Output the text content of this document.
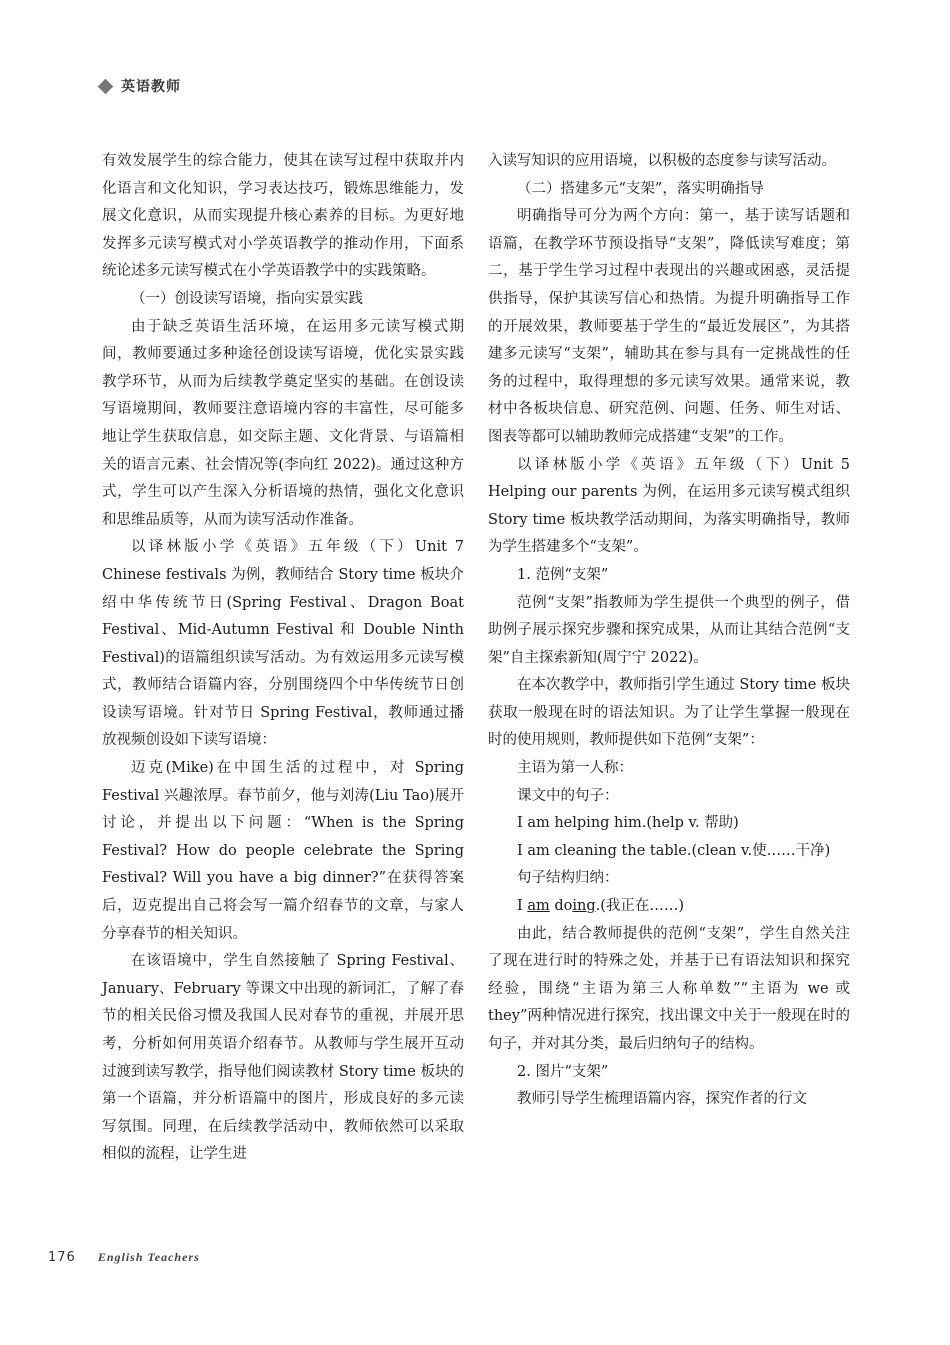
英语教师

有效发展学生的综合能力，使其在读写过程中获取并内化语言和文化知识，学习表达技巧，锻炼思维能力，发展文化意识，从而实现提升核心素养的目标。为更好地发挥多元读写模式对小学英语教学的推动作用，下面系统论述多元读写模式在小学英语教学中的实践策略。

（一）创设读写语境，指向实景实践

由于缺乏英语生活环境，在运用多元读写模式期间，教师要通过多种途径创设读写语境，优化实景实践教学环节，从而为后续教学奠定坚实的基础。在创设读写语境期间，教师要注意语境内容的丰富性，尽可能多地让学生获取信息，如交际主题、文化背景、与语篇相关的语言元素、社会情况等(李向红 2022)。通过这种方式，学生可以产生深入分析语境的热情，强化文化意识和思维品质等，从而为读写活动作准备。

以译林版小学《英语》五年级（下）Unit 7 Chinese festivals 为例，教师结合 Story time 板块介绍中华传统节日(Spring Festival、Dragon Boat Festival、Mid-Autumn Festival 和 Double Ninth Festival)的语篇组织读写活动。为有效运用多元读写模式，教师结合语篇内容，分别围绕四个中华传统节日创设读写语境。针对节日 Spring Festival，教师通过播放视频创设如下读写语境：

迈克(Mike)在中国生活的过程中，对 Spring Festival 兴趣浓厚。春节前夕，他与刘涛(Liu Tao)展开讨论，并提出以下问题：“When is the Spring Festival? How do people celebrate the Spring Festival? Will you have a big dinner?”在获得答案后，迈克提出自己将会写一篇介绍春节的文章，与家人分享春节的相关知识。

在该语境中，学生自然接触了 Spring Festival、January、February 等课文中出现的新词汇，了解了春节的相关民俗习惯及我国人民对春节的重视，并展开思考，分析如何用英语介绍春节。从教师与学生展开互动过渡到读写教学，指导他们阅读教材 Story time 板块的第一个语篇，并分析语篇中的图片，形成良好的多元读写氛围。同理，在后续教学活动中，教师依然可以采取相似的流程，让学生进

入读写知识的应用语境，以积极的态度参与读写活动。

（二）搭建多元“支架”，落实明确指导

明确指导可分为两个方向：第一，基于读写话题和语篇，在教学环节预设指导“支架”，降低读写难度；第二，基于学生学习过程中表现出的兴趣或困惑，灵活提供指导，保护其读写信心和热情。为提升明确指导工作的开展效果，教师要基于学生的“最近发展区”，为其搭建多元读写“支架”，辅助其在参与具有一定挑战性的任务的过程中，取得理想的多元读写效果。通常来说，教材中各板块信息、研究范例、问题、任务、师生对话、图表等都可以辅助教师完成搭建“支架”的工作。

以译林版小学《英语》五年级（下）Unit 5 Helping our parents 为例，在运用多元读写模式组织 Story time 板块教学活动期间，为落实明确指导，教师为学生搭建多个“支架”。

1. 范例“支架”

范例“支架”指教师为学生提供一个典型的例子，借助例子展示探究步骤和探究成果，从而让其结合范例“支架”自主探索新知(周宁宁 2022)。

在本次教学中，教师指引学生通过 Story time 板块获取一般现在时的语法知识。为了让学生掌握一般现在时的使用规则，教师提供如下范例“支架”：

主语为第一人称：

课文中的句子：

I am helping him.(help v. 帮助)

I am cleaning the table.(clean v.使……干净)

句子结构归纳：

I am doing.(我正在……)

由此，结合教师提供的范例“支架”，学生自然关注了现在进行时的特殊之处，并基于已有语法知识和探究经验，围绕“主语为第三人称单数”“主语为 we 或 they”两种情况进行探究，找出课文中关于一般现在时的句子，并对其分类，最后归纳句子的结构。

2. 图片“支架”

教师引导学生梳理语篇内容，探究作者的行文

176 English Teachers
